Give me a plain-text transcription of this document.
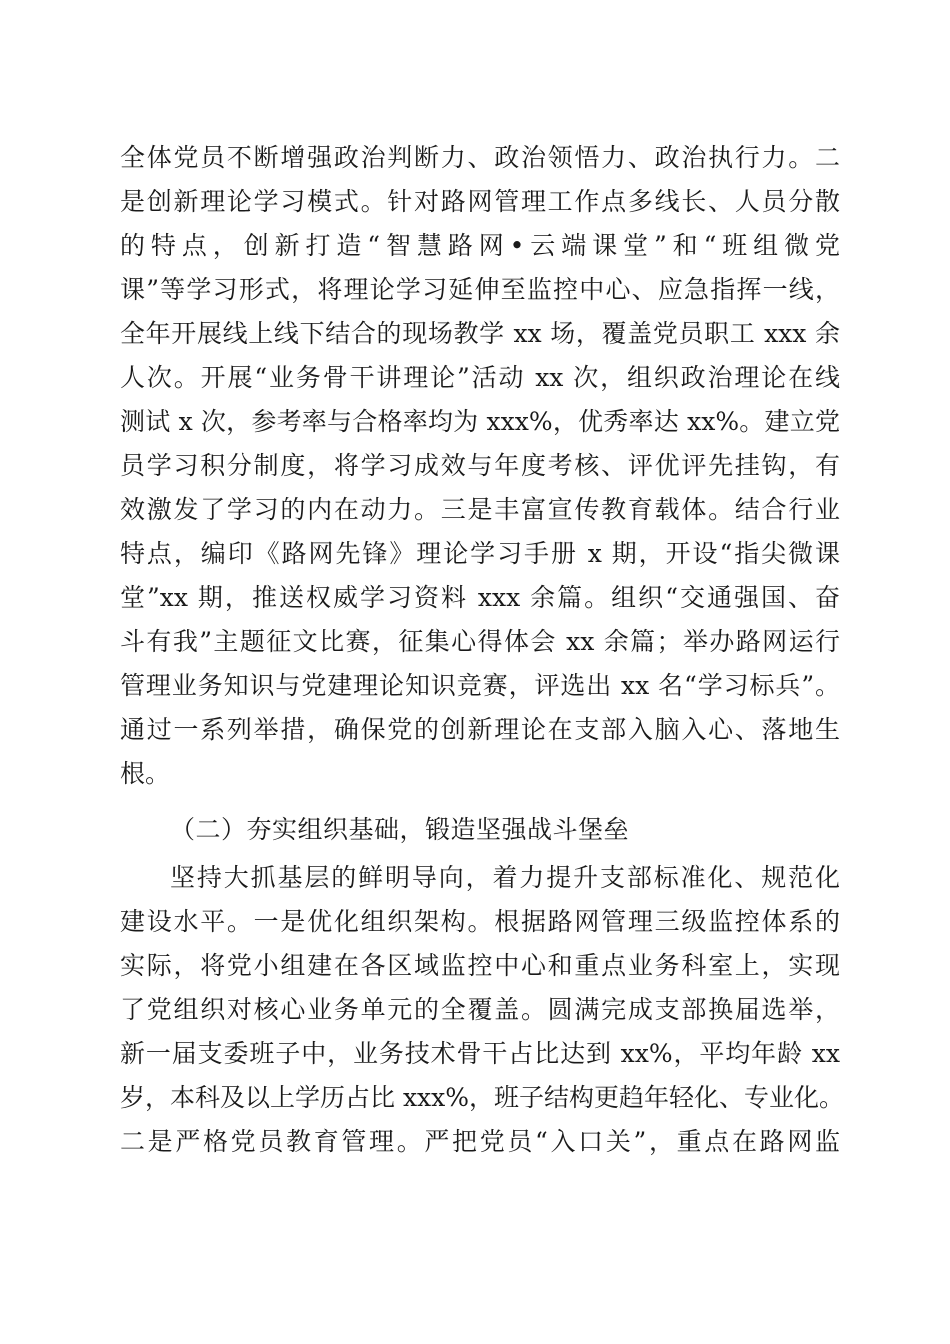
全体党员不断增强政治判断力、政治领悟力、政治执行力。二
是创新理论学习模式。针对路网管理工作点多线长、人员分散
的特点，创新打造“智慧路网•云端课堂”和“班组微党
课”等学习形式，将理论学习延伸至监控中心、应急指挥一线，
全年开展线上线下结合的现场教学 xx 场，覆盖党员职工 xxx 余
人次。开展“业务骨干讲理论”活动 xx 次，组织政治理论在线
测试 x 次，参考率与合格率均为 xxx%，优秀率达 xx%。建立党
员学习积分制度，将学习成效与年度考核、评优评先挂钩，有
效激发了学习的内在动力。三是丰富宣传教育载体。结合行业
特点，编印《路网先锋》理论学习手册 x 期，开设“指尖微课
堂”xx 期，推送权威学习资料 xxx 余篇。组织“交通强国、奋
斗有我”主题征文比赛，征集心得体会 xx 余篇；举办路网运行
管理业务知识与党建理论知识竞赛，评选出 xx 名“学习标兵”。
通过一系列举措，确保党的创新理论在支部入脑入心、落地生
根。
（二）夯实组织基础，锻造坚强战斗堡垒
坚持大抓基层的鲜明导向，着力提升支部标准化、规范化
建设水平。一是优化组织架构。根据路网管理三级监控体系的
实际，将党小组建在各区域监控中心和重点业务科室上，实现
了党组织对核心业务单元的全覆盖。圆满完成支部换届选举，
新一届支委班子中，业务技术骨干占比达到 xx%，平均年龄 xx
岁，本科及以上学历占比 xxx%，班子结构更趋年轻化、专业化。
二是严格党员教育管理。严把党员“入口关”，重点在路网监
